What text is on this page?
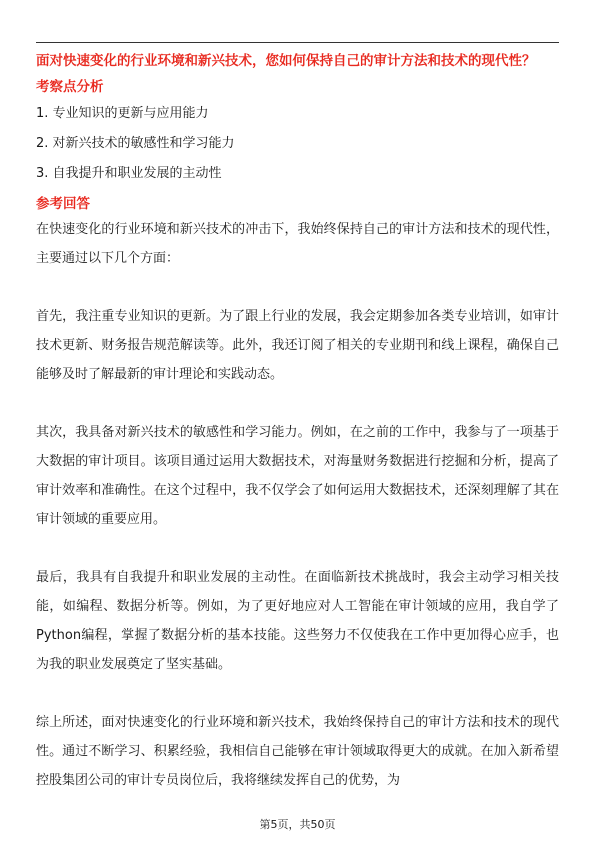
面对快速变化的行业环境和新兴技术，您如何保持自己的审计方法和技术的现代性？

考察点分析
1. 专业知识的更新与应用能力
2. 对新兴技术的敏感性和学习能力
3. 自我提升和职业发展的主动性
参考回答

在快速变化的行业环境和新兴技术的冲击下，我始终保持自己的审计方法和技术的现代性，主要通过以下几个方面：

首先，我注重专业知识的更新。为了跟上行业的发展，我会定期参加各类专业培训，如审计技术更新、财务报告规范解读等。此外，我还订阅了相关的专业期刊和线上课程，确保自己能够及时了解最新的审计理论和实践动态。

其次，我具备对新兴技术的敏感性和学习能力。例如，在之前的工作中，我参与了一项基于大数据的审计项目。该项目通过运用大数据技术，对海量财务数据进行挖掘和分析，提高了审计效率和准确性。在这个过程中，我不仅学会了如何运用大数据技术，还深刻理解了其在审计领域的重要应用。

最后，我具有自我提升和职业发展的主动性。在面临新技术挑战时，我会主动学习相关技能，如编程、数据分析等。例如，为了更好地应对人工智能在审计领域的应用，我自学了Python编程，掌握了数据分析的基本技能。这些努力不仅使我在工作中更加得心应手，也为我的职业发展奠定了坚实基础。

综上所述，面对快速变化的行业环境和新兴技术，我始终保持自己的审计方法和技术的现代性。通过不断学习、积累经验，我相信自己能够在审计领域取得更大的成就。在加入新希望控股集团公司的审计专员岗位后，我将继续发挥自己的优势，为

第5页，共50页
